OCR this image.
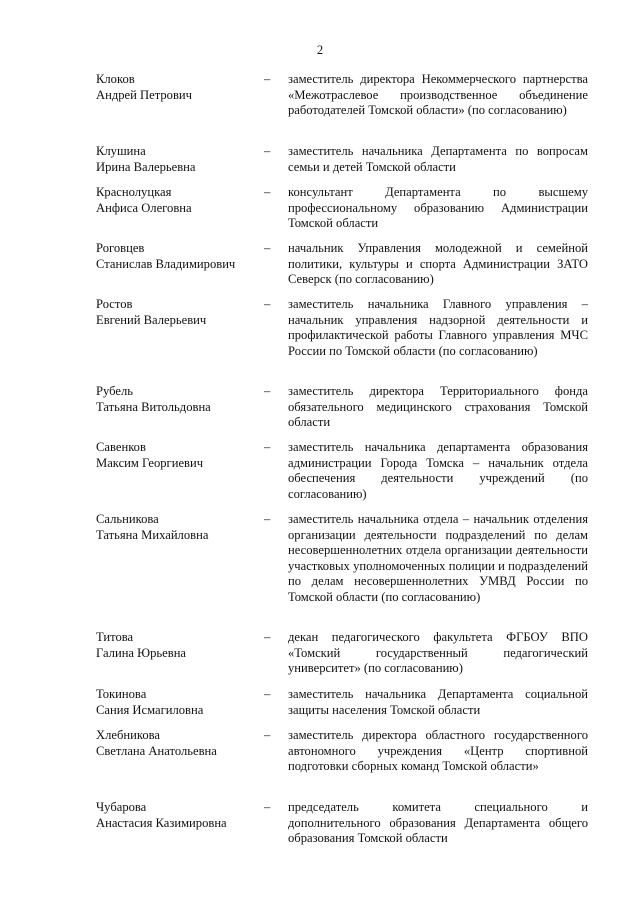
2
Клоков
Андрей Петрович
–	заместитель директора Некоммерческого партнерства «Межотраслевое производственное объединение работодателей Томской области» (по согласованию)
Клушина
Ирина Валерьевна
–	заместитель начальника Департамента по вопросам семьи и детей Томской области
Краснолуцкая
Анфиса Олеговна
–	консультант Департамента по высшему профессиональному образованию Администрации Томской области
Роговцев
Станислав Владимирович
–	начальник Управления молодежной и семейной политики, культуры и спорта Администрации ЗАТО Северск (по согласованию)
Ростов
Евгений Валерьевич
–	заместитель начальника Главного управления – начальник управления надзорной деятельности и профилактической работы Главного управления МЧС России по Томской области (по согласованию)
Рубель
Татьяна Витольдовна
–	заместитель директора Территориального фонда обязательного медицинского страхования Томской области
Савенков
Максим Георгиевич
–	заместитель начальника департамента образования администрации Города Томска – начальник отдела обеспечения деятельности учреждений (по согласованию)
Сальникова
Татьяна Михайловна
–	заместитель начальника отдела – начальник отделения организации деятельности подразделений по делам несовершеннолетних отдела организации деятельности участковых уполномоченных полиции и подразделений по делам несовершеннолетних УМВД России по Томской области (по согласованию)
Титова
Галина Юрьевна
–	декан педагогического факультета ФГБОУ ВПО «Томский государственный педагогический университет» (по согласованию)
Токинова
Сания Исмагиловна
–	заместитель начальника Департамента социальной защиты населения Томской области
Хлебникова
Светлана Анатольевна
–	заместитель директора областного государственного автономного учреждения «Центр спортивной подготовки сборных команд Томской области»
Чубарова
Анастасия Казимировна
–	председатель комитета специального и дополнительного образования Департамента общего образования Томской области
